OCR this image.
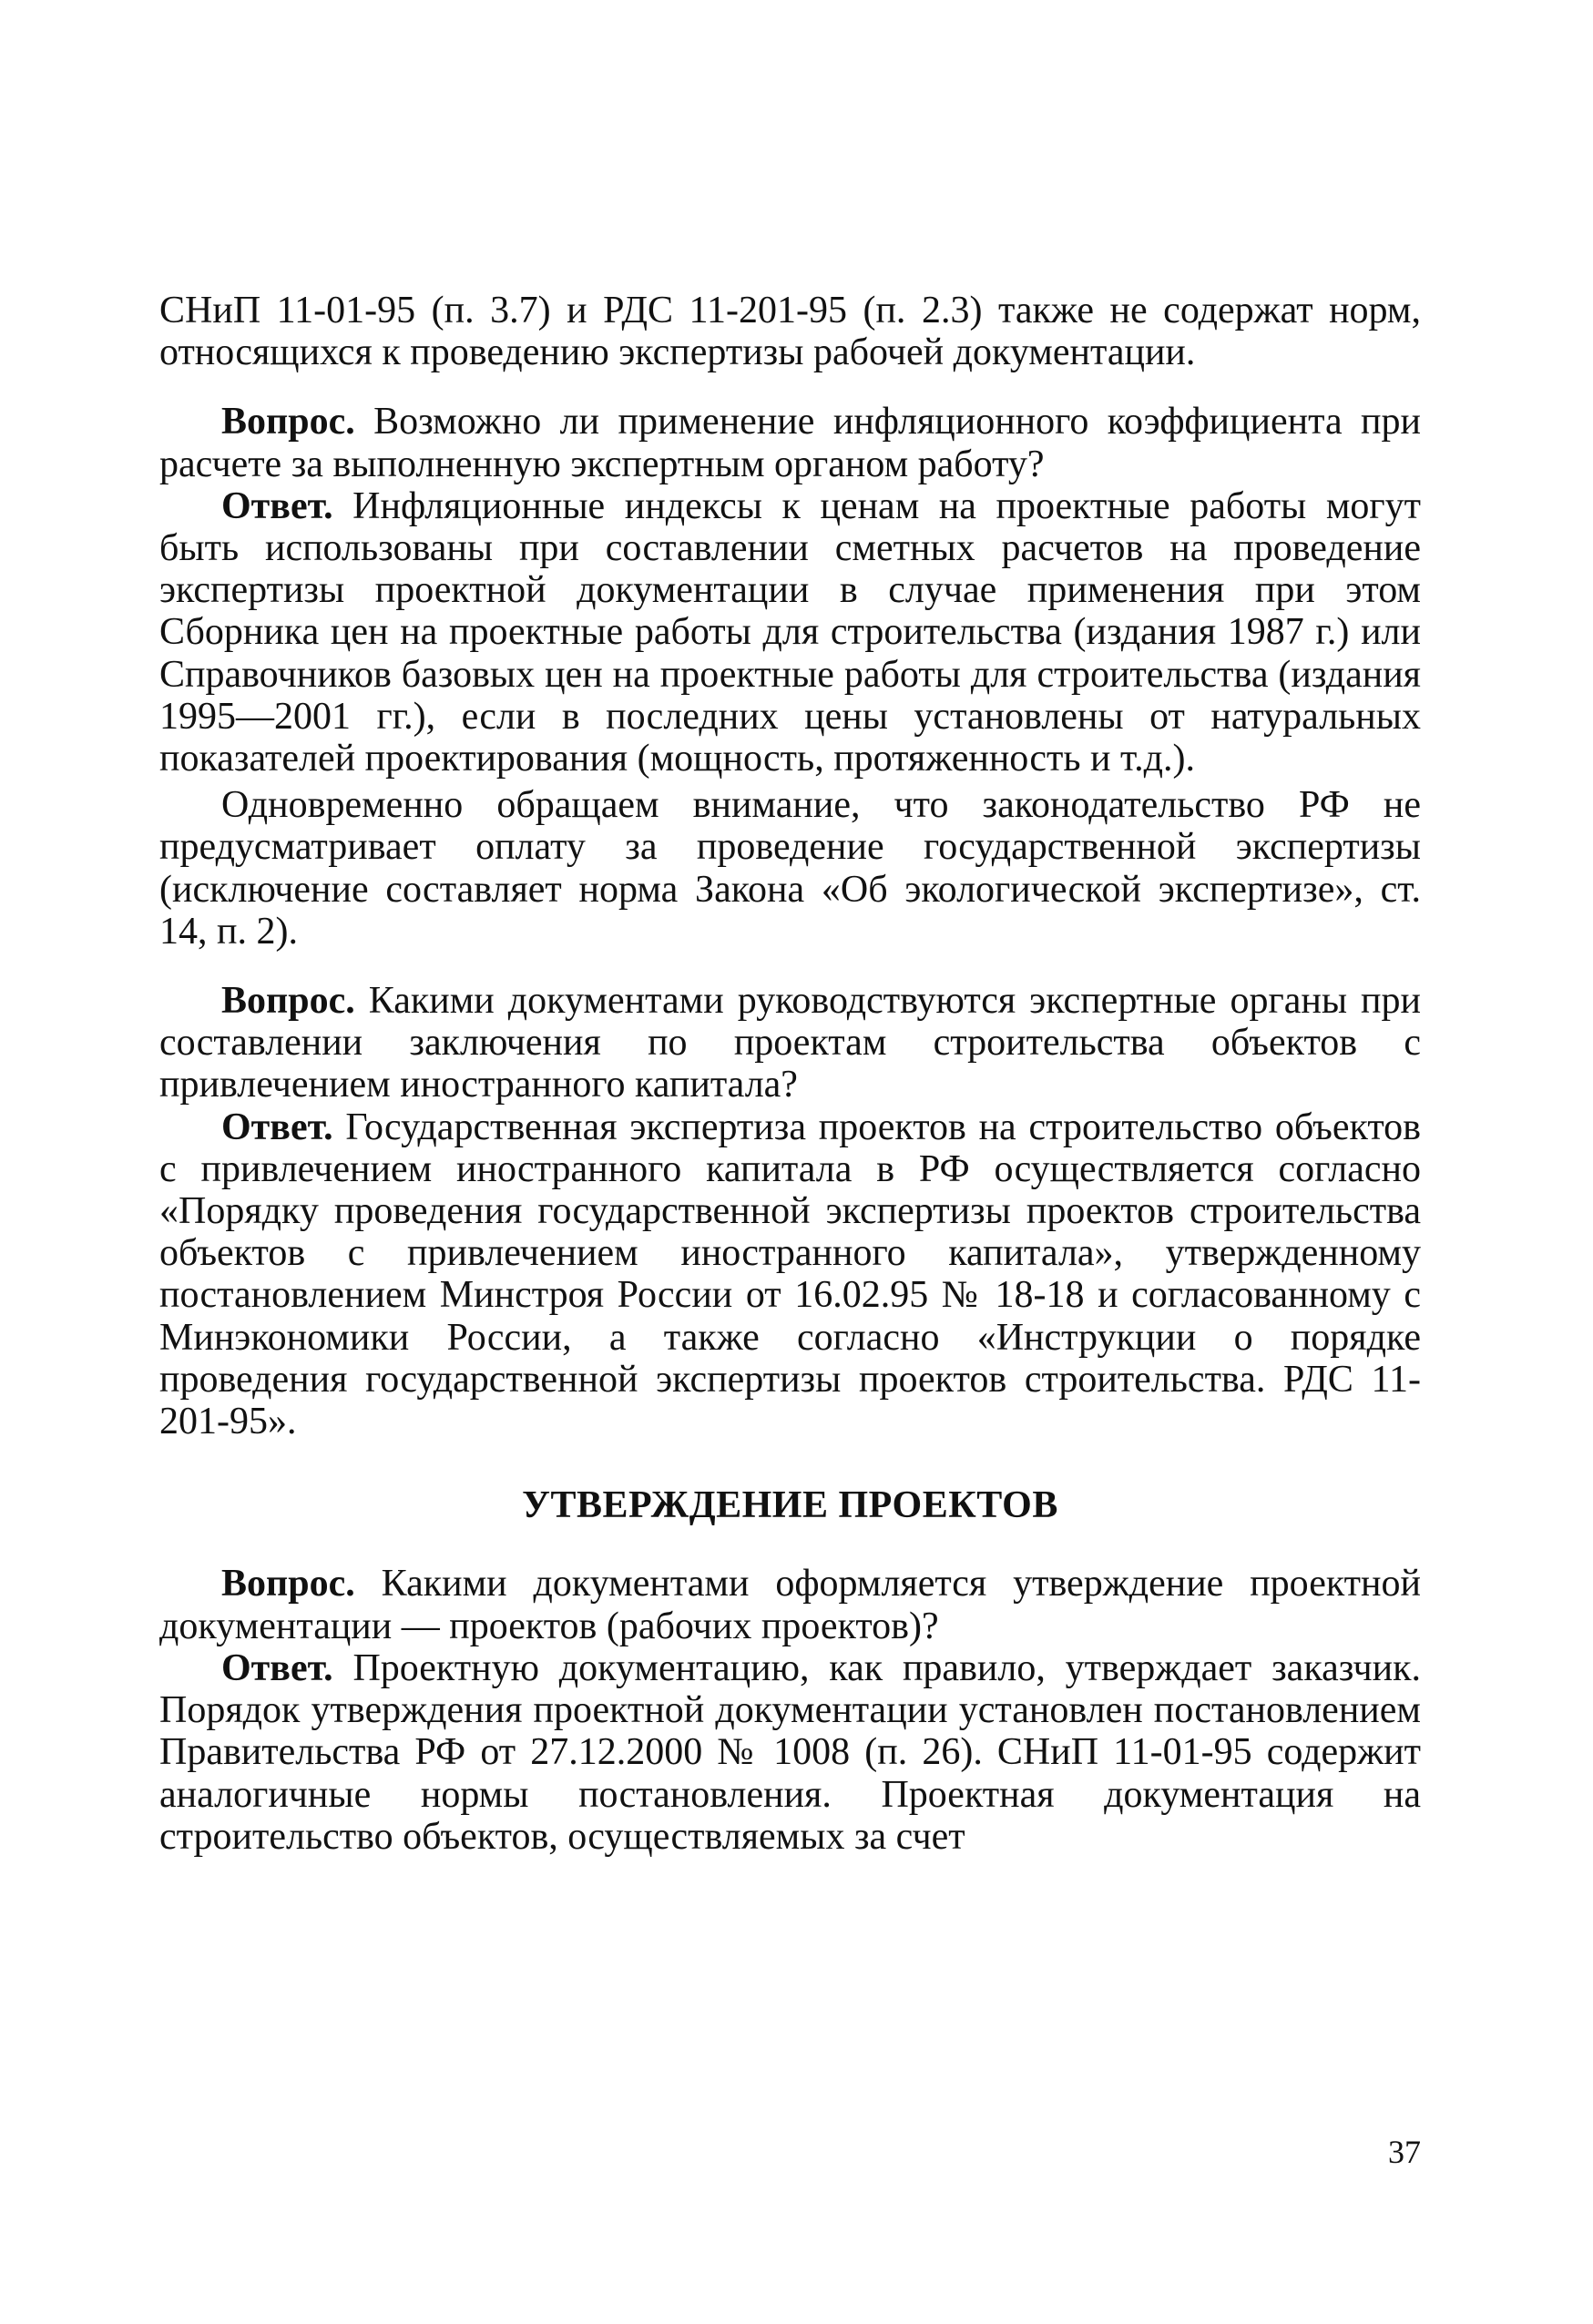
СНиП 11-01-95 (п. 3.7) и РДС 11-201-95 (п. 2.3) также не содержат норм, относящихся к проведению экспертизы рабочей документации.

Вопрос. Возможно ли применение инфляционного коэффициента при расчете за выполненную экспертным органом работу?

Ответ. Инфляционные индексы к ценам на проектные работы могут быть использованы при составлении сметных расчетов на проведение экспертизы проектной документации в случае применения при этом Сборника цен на проектные работы для строительства (издания 1987 г.) или Справочников базовых цен на проектные работы для строительства (издания 1995—2001 гг.), если в последних цены установлены от натуральных показателей проектирования (мощность, протяженность и т.д.).

Одновременно обращаем внимание, что законодательство РФ не предусматривает оплату за проведение государственной экспертизы (исключение составляет норма Закона «Об экологической экспертизе», ст. 14, п. 2).

Вопрос. Какими документами руководствуются экспертные органы при составлении заключения по проектам строительства объектов с привлечением иностранного капитала?

Ответ. Государственная экспертиза проектов на строительство объектов с привлечением иностранного капитала в РФ осуществляется согласно «Порядку проведения государственной экспертизы проектов строительства объектов с привлечением иностранного капитала», утвержденному постановлением Минстроя России от 16.02.95 № 18-18 и согласованному с Минэкономики России, а также согласно «Инструкции о порядке проведения государственной экспертизы проектов строительства. РДС 11-201-95».

УТВЕРЖДЕНИЕ ПРОЕКТОВ

Вопрос. Какими документами оформляется утверждение проектной документации — проектов (рабочих проектов)?

Ответ. Проектную документацию, как правило, утверждает заказчик. Порядок утверждения проектной документации установлен постановлением Правительства РФ от 27.12.2000 № 1008 (п. 26). СНиП 11-01-95 содержит аналогичные нормы постановления. Проектная документация на строительство объектов, осуществляемых за счет

37
